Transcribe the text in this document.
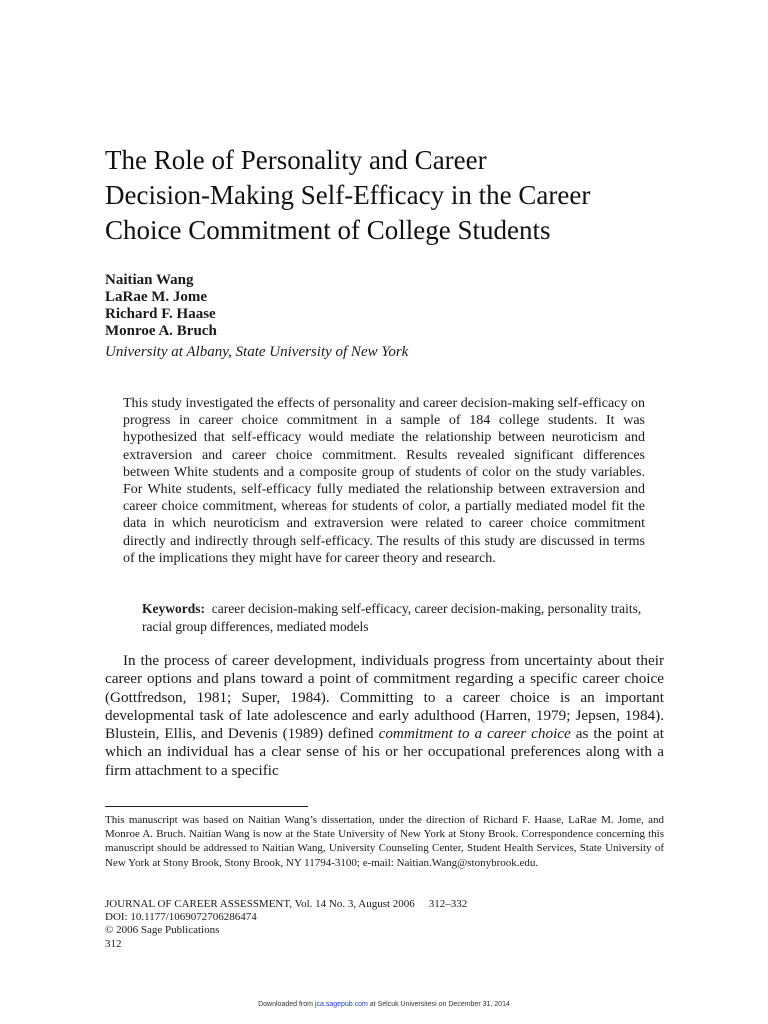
The Role of Personality and Career
Decision-Making Self-Efficacy in the Career
Choice Commitment of College Students
Naitian Wang
LaRae M. Jome
Richard F. Haase
Monroe A. Bruch
University at Albany, State University of New York

This study investigated the effects of personality and career decision-making self-efficacy on progress in career choice commitment in a sample of 184 college students. It was hypothesized that self-efficacy would mediate the relationship between neuroticism and extraversion and career choice commitment. Results revealed significant differences between White students and a composite group of students of color on the study variables. For White students, self-efficacy fully mediated the relationship between extraversion and career choice commitment, whereas for students of color, a partially mediated model fit the data in which neuroticism and extraversion were related to career choice commitment directly and indirectly through self-efficacy. The results of this study are discussed in terms of the implications they might have for career theory and research.

Keywords: career decision-making self-efficacy, career decision-making, personality traits, racial group differences, mediated models

In the process of career development, individuals progress from uncertainty about their career options and plans toward a point of commitment regarding a specific career choice (Gottfredson, 1981; Super, 1984). Committing to a career choice is an important developmental task of late adolescence and early adulthood (Harren, 1979; Jepsen, 1984). Blustein, Ellis, and Devenis (1989) defined commitment to a career choice as the point at which an individual has a clear sense of his or her occupational preferences along with a firm attachment to a specific

This manuscript was based on Naitian Wang’s dissertation, under the direction of Richard F. Haase, LaRae M. Jome, and Monroe A. Bruch. Naitian Wang is now at the State University of New York at Stony Brook. Correspondence concerning this manuscript should be addressed to Naitian Wang, University Counseling Center, Student Health Services, State University of New York at Stony Brook, Stony Brook, NY 11794-3100; e-mail: Naitian.Wang@stonybrook.edu.

JOURNAL OF CAREER ASSESSMENT, Vol. 14 No. 3, August 2006 312–332
DOI: 10.1177/1069072706286474
© 2006 Sage Publications
312
Downloaded from jca.sagepub.com at Selcuk Universitesi on December 31, 2014
